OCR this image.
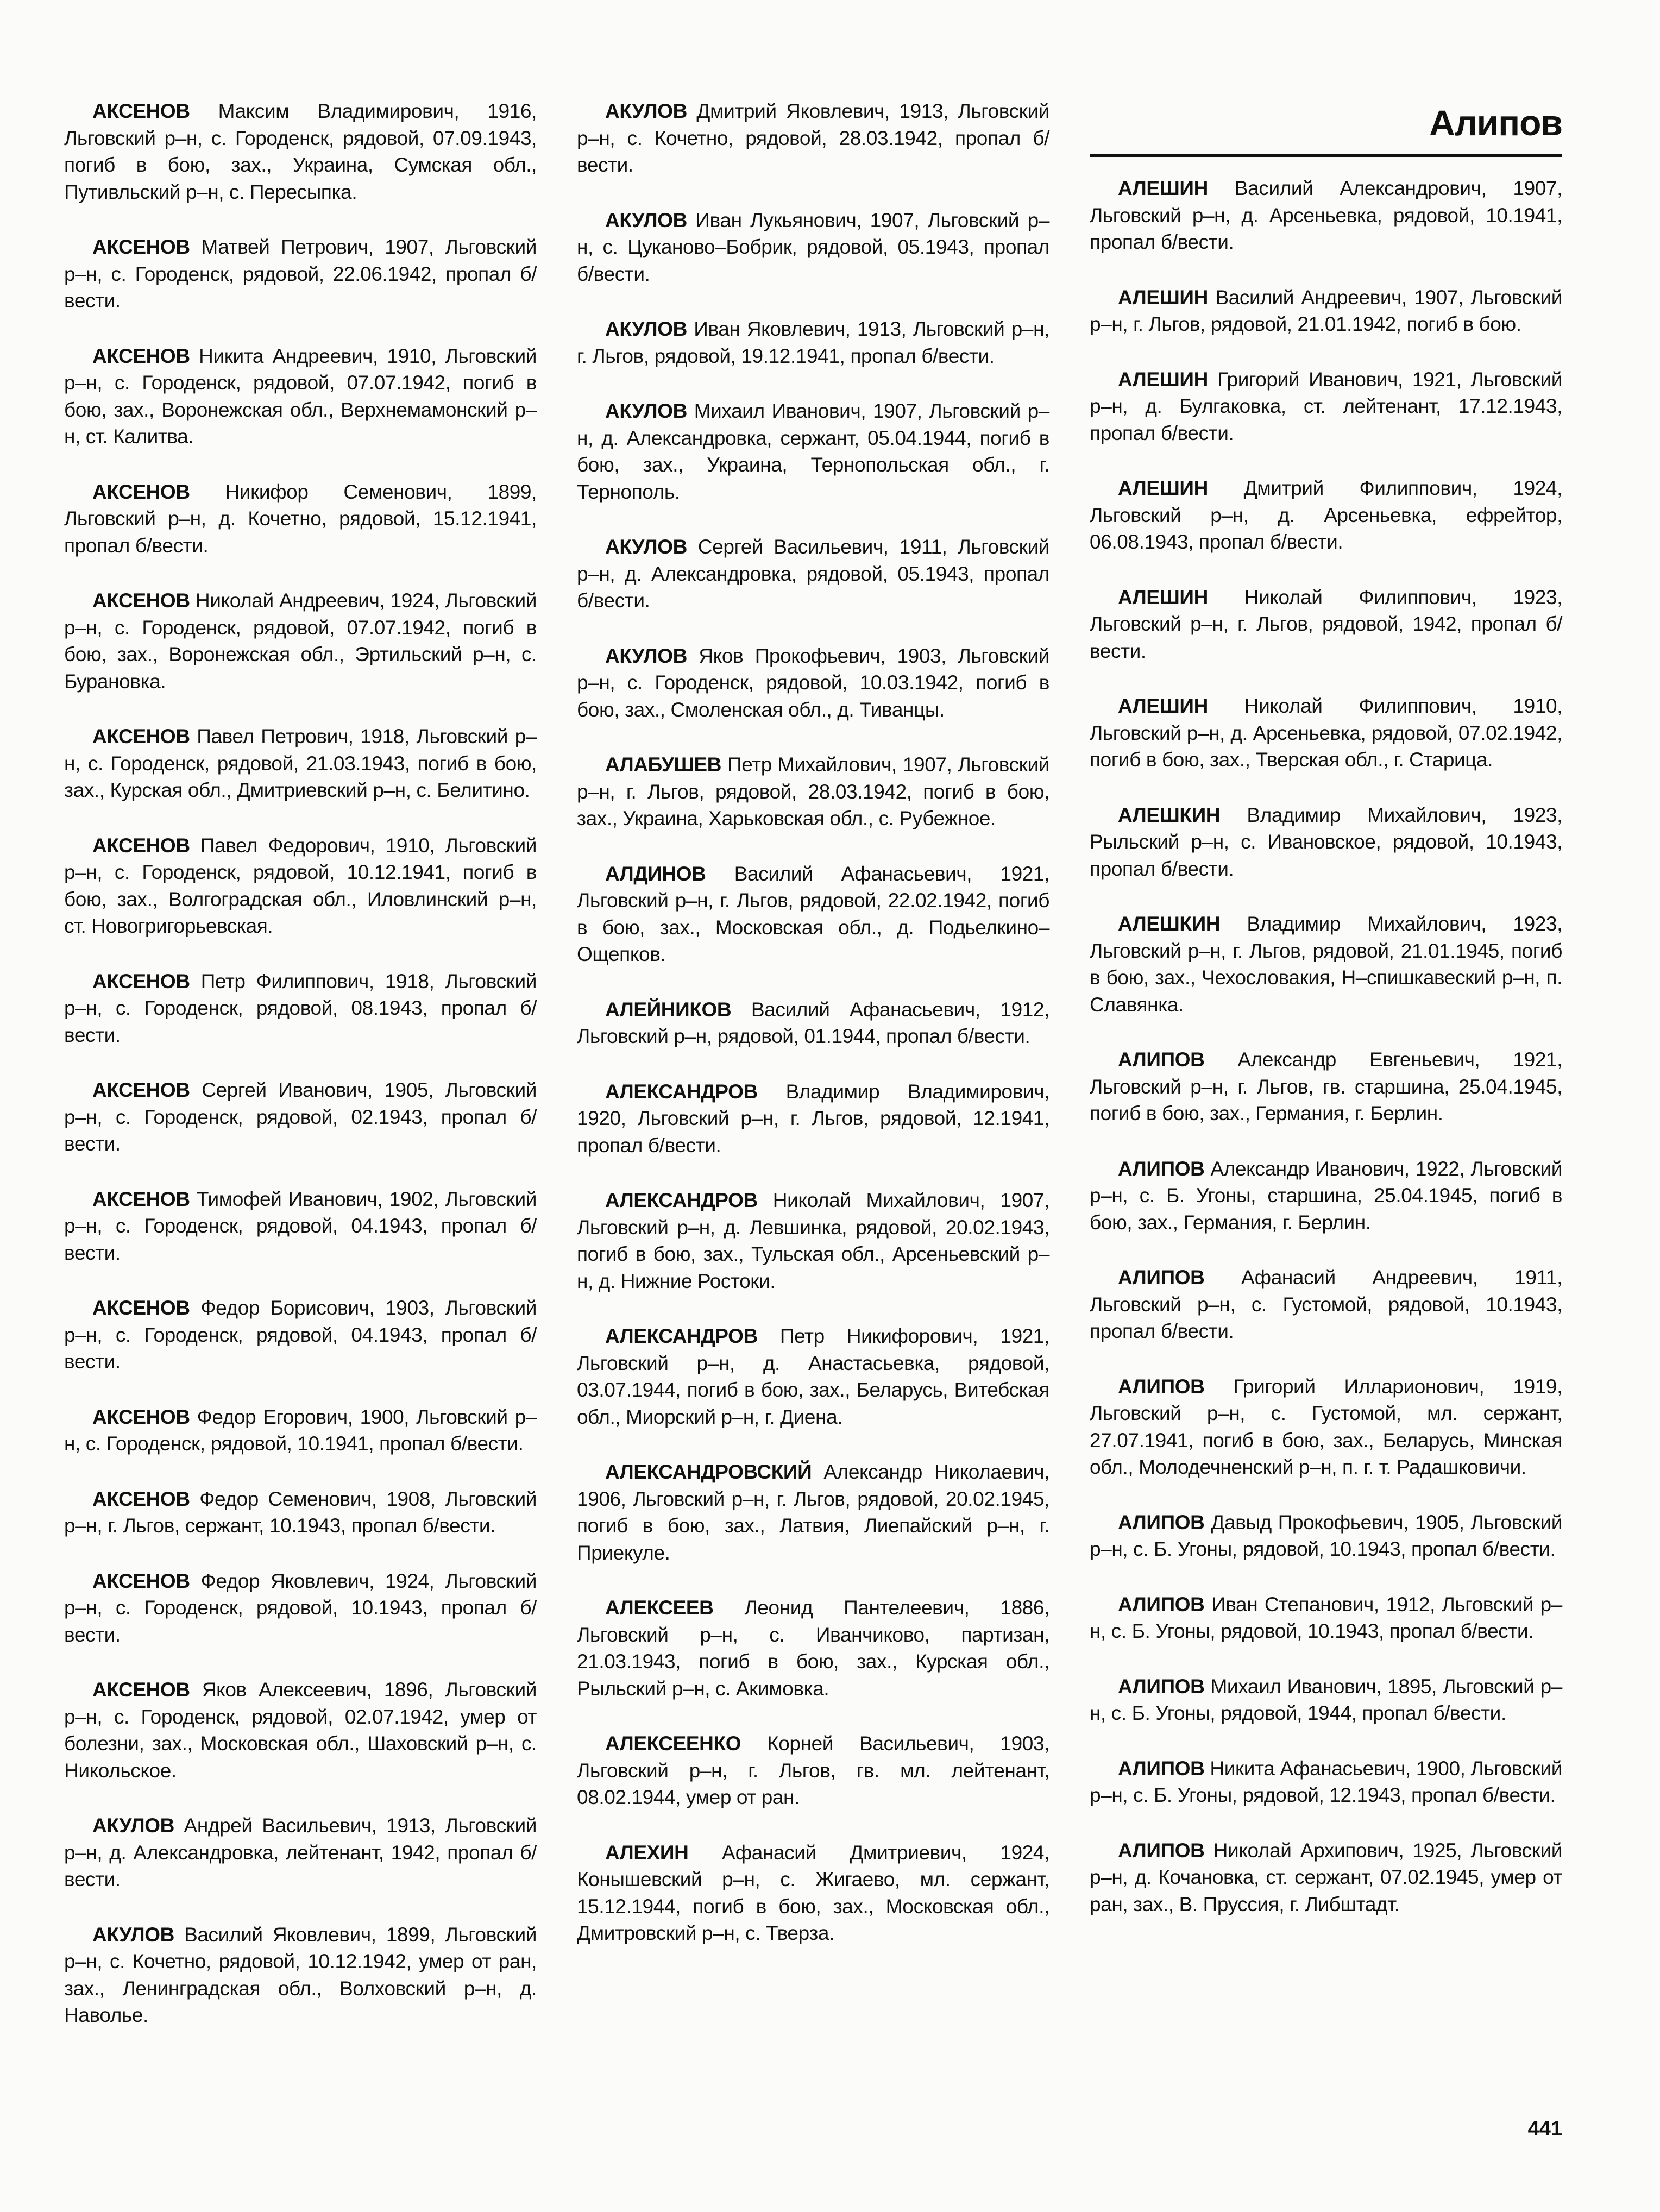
Алипов

АКСЕНОВ Максим Владимирович, 1916, Льговский р–н, с. Городенск, рядовой, 07.09.1943, погиб в бою, зах., Украина, Сумская обл., Путивльский р–н, с. Пересыпка.

АКСЕНОВ Матвей Петрович, 1907, Льговский р–н, с. Городенск, рядовой, 22.06.1942, пропал б/вести.

АКСЕНОВ Никита Андреевич, 1910, Льговский р–н, с. Городенск, рядовой, 07.07.1942, погиб в бою, зах., Воронежская обл., Верхнемамонский р–н, ст. Калитва.

АКСЕНОВ Никифор Семенович, 1899, Льговский р–н, д. Кочетно, рядовой, 15.12.1941, пропал б/вести.

АКСЕНОВ Николай Андреевич, 1924, Льговский р–н, с. Городенск, рядовой, 07.07.1942, погиб в бою, зах., Воронежская обл., Эртильский р–н, с. Бурановка.

АКСЕНОВ Павел Петрович, 1918, Льговский р–н, с. Городенск, рядовой, 21.03.1943, погиб в бою, зах., Курская обл., Дмитриевский р–н, с. Белитино.

АКСЕНОВ Павел Федорович, 1910, Льговский р–н, с. Городенск, рядовой, 10.12.1941, погиб в бою, зах., Волгоградская обл., Иловлинский р–н, ст. Новогригорьевская.

АКСЕНОВ Петр Филиппович, 1918, Льговский р–н, с. Городенск, рядовой, 08.1943, пропал б/вести.

АКСЕНОВ Сергей Иванович, 1905, Льговский р–н, с. Городенск, рядовой, 02.1943, пропал б/вести.

АКСЕНОВ Тимофей Иванович, 1902, Льговский р–н, с. Городенск, рядовой, 04.1943, пропал б/вести.

АКСЕНОВ Федор Борисович, 1903, Льговский р–н, с. Городенск, рядовой, 04.1943, пропал б/вести.

АКСЕНОВ Федор Егорович, 1900, Льговский р–н, с. Городенск, рядовой, 10.1941, пропал б/вести.

АКСЕНОВ Федор Семенович, 1908, Льговский р–н, г. Льгов, сержант, 10.1943, пропал б/вести.

АКСЕНОВ Федор Яковлевич, 1924, Льговский р–н, с. Городенск, рядовой, 10.1943, пропал б/вести.

АКСЕНОВ Яков Алексеевич, 1896, Льговский р–н, с. Городенск, рядовой, 02.07.1942, умер от болезни, зах., Московская обл., Шаховский р–н, с. Никольское.

АКУЛОВ Андрей Васильевич, 1913, Льговский р–н, д. Александровка, лейтенант, 1942, пропал б/вести.

АКУЛОВ Василий Яковлевич, 1899, Льговский р–н, с. Кочетно, рядовой, 10.12.1942, умер от ран, зах., Ленинградская обл., Волховский р–н, д. Наволье.

АКУЛОВ Дмитрий Яковлевич, 1913, Льговский р–н, с. Кочетно, рядовой, 28.03.1942, пропал б/вести.

АКУЛОВ Иван Лукьянович, 1907, Льговский р–н, с. Цуканово–Бобрик, рядовой, 05.1943, пропал б/вести.

АКУЛОВ Иван Яковлевич, 1913, Льговский р–н, г. Льгов, рядовой, 19.12.1941, пропал б/вести.

АКУЛОВ Михаил Иванович, 1907, Льговский р–н, д. Александровка, сержант, 05.04.1944, погиб в бою, зах., Украина, Тернопольская обл., г. Тернополь.

АКУЛОВ Сергей Васильевич, 1911, Льговский р–н, д. Александровка, рядовой, 05.1943, пропал б/вести.

АКУЛОВ Яков Прокофьевич, 1903, Льговский р–н, с. Городенск, рядовой, 10.03.1942, погиб в бою, зах., Смоленская обл., д. Тиванцы.

АЛАБУШЕВ Петр Михайлович, 1907, Льговский р–н, г. Льгов, рядовой, 28.03.1942, погиб в бою, зах., Украина, Харьковская обл., с. Рубежное.

АЛДИНОВ Василий Афанасьевич, 1921, Льговский р–н, г. Льгов, рядовой, 22.02.1942, погиб в бою, зах., Московская обл., д. Подьелкино–Ощепков.

АЛЕЙНИКОВ Василий Афанасьевич, 1912, Льговский р–н, рядовой, 01.1944, пропал б/вести.

АЛЕКСАНДРОВ Владимир Владимирович, 1920, Льговский р–н, г. Льгов, рядовой, 12.1941, пропал б/вести.

АЛЕКСАНДРОВ Николай Михайлович, 1907, Льговский р–н, д. Левшинка, рядовой, 20.02.1943, погиб в бою, зах., Тульская обл., Арсеньевский р–н, д. Нижние Ростоки.

АЛЕКСАНДРОВ Петр Никифорович, 1921, Льговский р–н, д. Анастасьевка, рядовой, 03.07.1944, погиб в бою, зах., Беларусь, Витебская обл., Миорский р–н, г. Диена.

АЛЕКСАНДРОВСКИЙ Александр Николаевич, 1906, Льговский р–н, г. Льгов, рядовой, 20.02.1945, погиб в бою, зах., Латвия, Лиепайский р–н, г. Приекуле.

АЛЕКСЕЕВ Леонид Пантелеевич, 1886, Льговский р–н, с. Иванчиково, партизан, 21.03.1943, погиб в бою, зах., Курская обл., Рыльский р–н, с. Акимовка.

АЛЕКСЕЕНКО Корней Васильевич, 1903, Льговский р–н, г. Льгов, гв. мл. лейтенант, 08.02.1944, умер от ран.

АЛЕХИН Афанасий Дмитриевич, 1924, Конышевский р–н, с. Жигаево, мл. сержант, 15.12.1944, погиб в бою, зах., Московская обл., Дмитровский р–н, с. Тверза.

АЛЕШИН Василий Александрович, 1907, Льговский р–н, д. Арсеньевка, рядовой, 10.1941, пропал б/вести.

АЛЕШИН Василий Андреевич, 1907, Льговский р–н, г. Льгов, рядовой, 21.01.1942, погиб в бою.

АЛЕШИН Григорий Иванович, 1921, Льговский р–н, д. Булгаковка, ст. лейтенант, 17.12.1943, пропал б/вести.

АЛЕШИН Дмитрий Филиппович, 1924, Льговский р–н, д. Арсеньевка, ефрейтор, 06.08.1943, пропал б/вести.

АЛЕШИН Николай Филиппович, 1923, Льговский р–н, г. Льгов, рядовой, 1942, пропал б/вести.

АЛЕШИН Николай Филиппович, 1910, Льговский р–н, д. Арсеньевка, рядовой, 07.02.1942, погиб в бою, зах., Тверская обл., г. Старица.

АЛЕШКИН Владимир Михайлович, 1923, Рыльский р–н, с. Ивановское, рядовой, 10.1943, пропал б/вести.

АЛЕШКИН Владимир Михайлович, 1923, Льговский р–н, г. Льгов, рядовой, 21.01.1945, погиб в бою, зах., Чехословакия, Н–спишкавеский р–н, п. Славянка.

АЛИПОВ Александр Евгеньевич, 1921, Льговский р–н, г. Льгов, гв. старшина, 25.04.1945, погиб в бою, зах., Германия, г. Берлин.

АЛИПОВ Александр Иванович, 1922, Льговский р–н, с. Б. Угоны, старшина, 25.04.1945, погиб в бою, зах., Германия, г. Берлин.

АЛИПОВ Афанасий Андреевич, 1911, Льговский р–н, с. Густомой, рядовой, 10.1943, пропал б/вести.

АЛИПОВ Григорий Илларионович, 1919, Льговский р–н, с. Густомой, мл. сержант, 27.07.1941, погиб в бою, зах., Беларусь, Минская обл., Молодечненский р–н, п. г. т. Радашковичи.

АЛИПОВ Давыд Прокофьевич, 1905, Льговский р–н, с. Б. Угоны, рядовой, 10.1943, пропал б/вести.

АЛИПОВ Иван Степанович, 1912, Льговский р–н, с. Б. Угоны, рядовой, 10.1943, пропал б/вести.

АЛИПОВ Михаил Иванович, 1895, Льговский р–н, с. Б. Угоны, рядовой, 1944, пропал б/вести.

АЛИПОВ Никита Афанасьевич, 1900, Льговский р–н, с. Б. Угоны, рядовой, 12.1943, пропал б/вести.

АЛИПОВ Николай Архипович, 1925, Льговский р–н, д. Кочановка, ст. сержант, 07.02.1945, умер от ран, зах., В. Пруссия, г. Либштадт.

441
